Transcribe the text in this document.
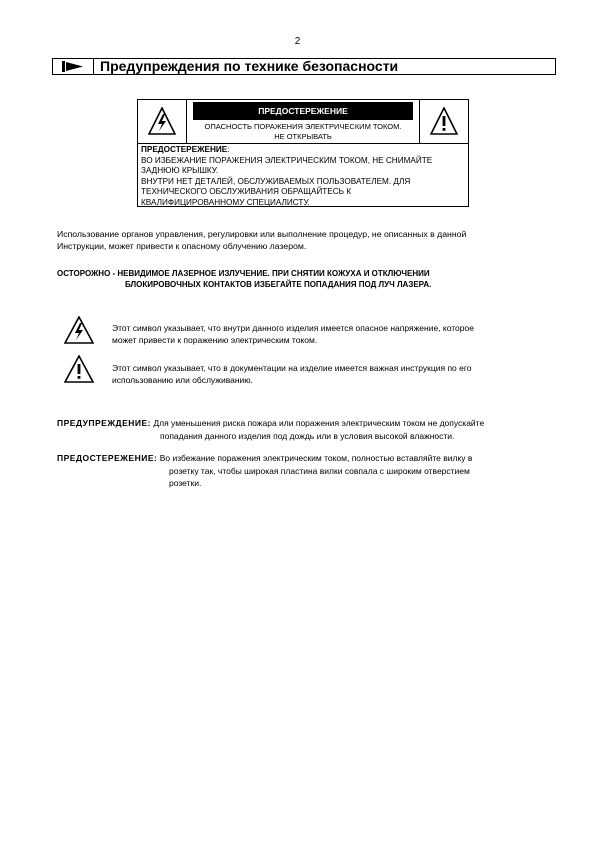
2
Предупреждения по технике безопасности
ПРЕДОСТЕРЕЖЕНИЕ
ОПАСНОСТЬ ПОРАЖЕНИЯ ЭЛЕКТРИЧЕСКИМ ТОКОМ.
НЕ ОТКРЫВАТЬ
ПРЕДОСТЕРЕЖЕНИЕ:
ВО ИЗБЕЖАНИЕ ПОРАЖЕНИЯ ЭЛЕКТРИЧЕСКИМ ТОКОМ, НЕ СНИМАЙТЕ
ЗАДНЮЮ КРЫШКУ.
ВНУТРИ НЕТ ДЕТАЛЕЙ, ОБСЛУЖИВАЕМЫХ ПОЛЬЗОВАТЕЛЕМ. ДЛЯ
ТЕХНИЧЕСКОГО ОБСЛУЖИВАНИЯ ОБРАЩАЙТЕСЬ К
КВАЛИФИЦИРОВАННОМУ СПЕЦИАЛИСТУ.
Использование органов управления, регулировки или выполнение процедур, не описанных в данной
Инструкции, может привести к опасному облучению лазером.
ОСТОРОЖНО - НЕВИДИМОЕ ЛАЗЕРНОЕ ИЗЛУЧЕНИЕ. ПРИ СНЯТИИ КОЖУХА И ОТКЛЮЧЕНИИ
БЛОКИРОВОЧНЫХ КОНТАКТОВ ИЗБЕГАЙТЕ ПОПАДАНИЯ ПОД ЛУЧ ЛАЗЕРА.
Этот символ указывает, что внутри данного изделия имеется опасное напряжение, которое
может привести к поражению электрическим током.
Этот символ указывает, что в документации на изделие имеется важная инструкция по его
использованию или обслуживанию.
ПРЕДУПРЕЖДЕНИЕ: Для уменьшения риска пожара или поражения электрическим током не допускайте
попадания данного изделия под дождь или в условия высокой влажности.
ПРЕДОСТЕРЕЖЕНИЕ: Во избежание поражения электрическим током, полностью вставляйте вилку в
розетку так, чтобы широкая пластина вилки совпала с широким отверстием
розетки.
